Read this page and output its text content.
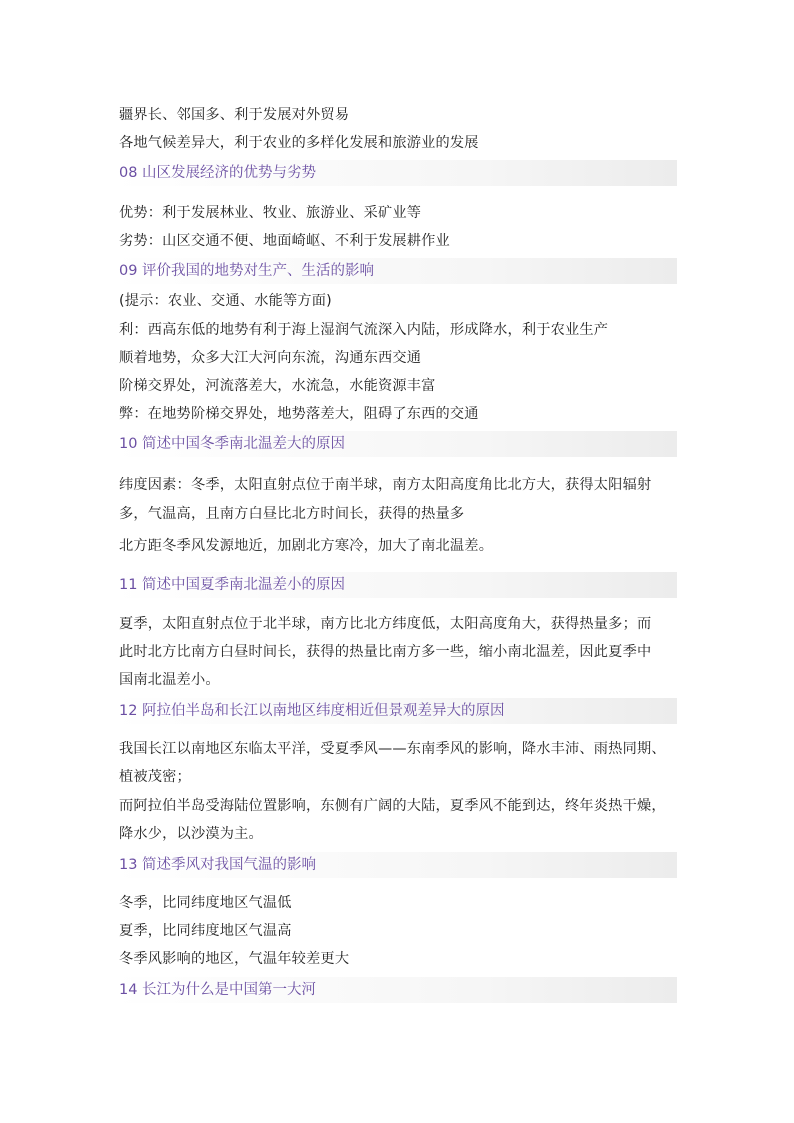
疆界长、邻国多、利于发展对外贸易
各地气候差异大，利于农业的多样化发展和旅游业的发展
08 山区发展经济的优势与劣势
优势：利于发展林业、牧业、旅游业、采矿业等
劣势：山区交通不便、地面崎岖、不利于发展耕作业
09 评价我国的地势对生产、生活的影响
(提示：农业、交通、水能等方面)
利：西高东低的地势有利于海上湿润气流深入内陆，形成降水，利于农业生产
顺着地势，众多大江大河向东流，沟通东西交通
阶梯交界处，河流落差大，水流急，水能资源丰富
弊：在地势阶梯交界处，地势落差大，阻碍了东西的交通
10 简述中国冬季南北温差大的原因
纬度因素：冬季，太阳直射点位于南半球，南方太阳高度角比北方大，获得太阳辐射
多，气温高，且南方白昼比北方时间长，获得的热量多
北方距冬季风发源地近，加剧北方寒冷，加大了南北温差。
11 简述中国夏季南北温差小的原因
夏季，太阳直射点位于北半球，南方比北方纬度低，太阳高度角大，获得热量多；而
此时北方比南方白昼时间长，获得的热量比南方多一些，缩小南北温差，因此夏季中
国南北温差小。
12 阿拉伯半岛和长江以南地区纬度相近但景观差异大的原因
我国长江以南地区东临太平洋，受夏季风——东南季风的影响，降水丰沛、雨热同期、
植被茂密；
而阿拉伯半岛受海陆位置影响，东侧有广阔的大陆，夏季风不能到达，终年炎热干燥，
降水少，以沙漠为主。
13 简述季风对我国气温的影响
冬季，比同纬度地区气温低
夏季，比同纬度地区气温高
冬季风影响的地区，气温年较差更大
14 长江为什么是中国第一大河
